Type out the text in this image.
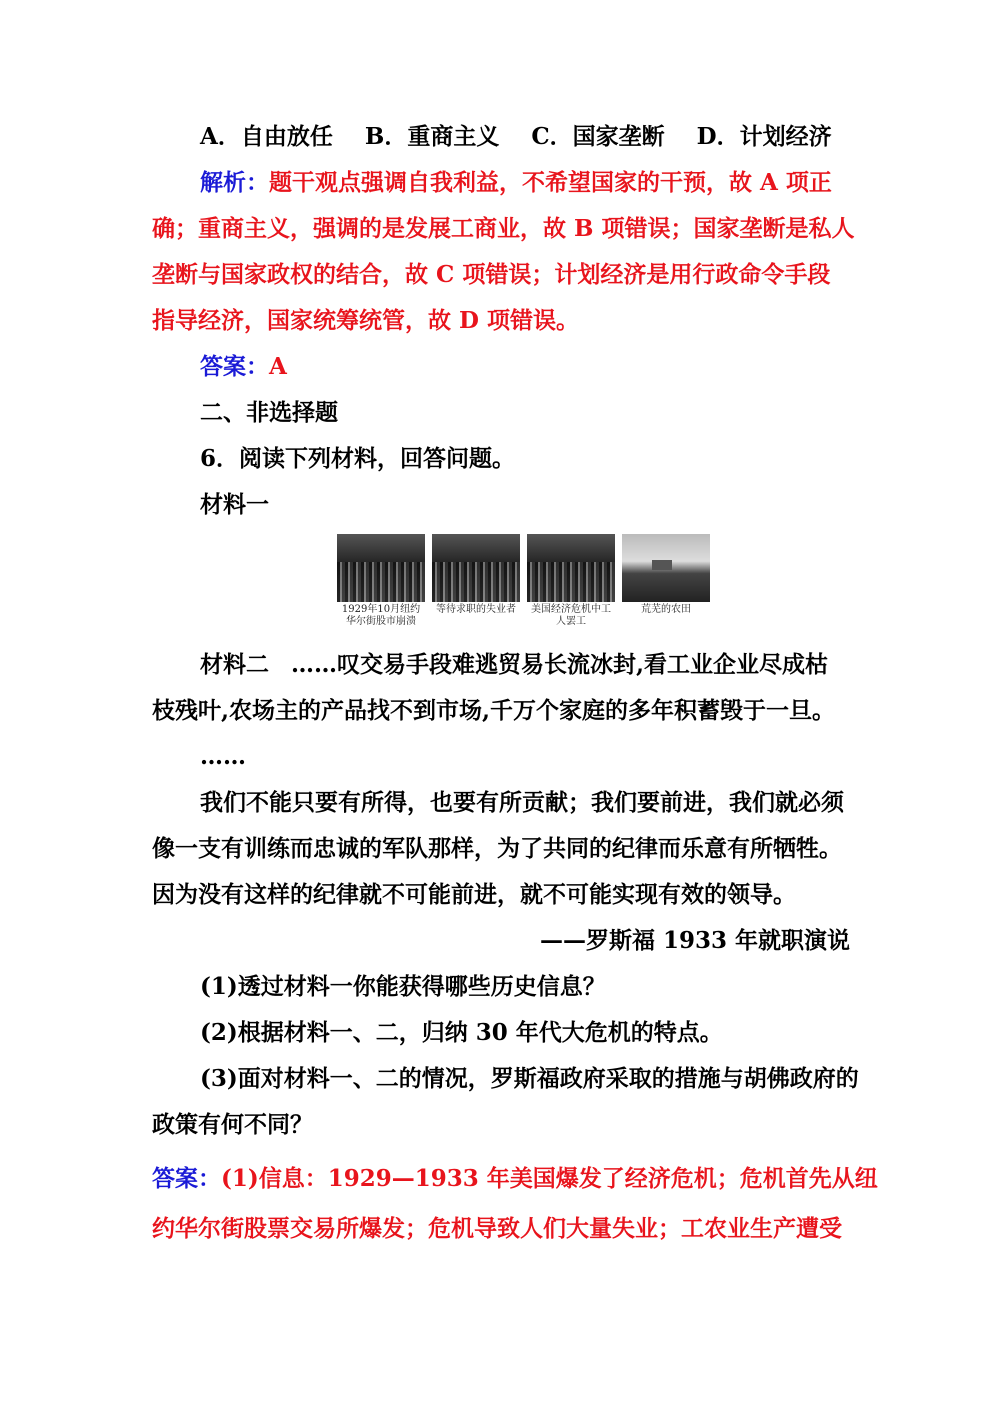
A．自由放任 B．重商主义 C．国家垄断 D．计划经济
解析：题干观点强调自我利益，不希望国家的干预，故 A 项正
确；重商主义，强调的是发展工商业，故 B 项错误；国家垄断是私人
垄断与国家政权的结合，故 C 项错误；计划经济是用行政命令手段
指导经济，国家统筹统管，故 D 项错误。
答案：A
二、非选择题
6．阅读下列材料，回答问题。
材料一
1929年10月纽约华尔街股市崩溃
等待求职的失业者	美国经济危机中工人罢工
荒芜的农田
材料二 ……叹交易手段难逃贸易长流冰封,看工业企业尽成枯
枝残叶,农场主的产品找不到市场,千万个家庭的多年积蓄毁于一旦。
……
我们不能只要有所得，也要有所贡献；我们要前进，我们就必须
像一支有训练而忠诚的军队那样，为了共同的纪律而乐意有所牺牲。
因为没有这样的纪律就不可能前进，就不可能实现有效的领导。
——罗斯福 1933 年就职演说
(1)透过材料一你能获得哪些历史信息？
(2)根据材料一、二，归纳 30 年代大危机的特点。
(3)面对材料一、二的情况，罗斯福政府采取的措施与胡佛政府的
政策有何不同？
答案：(1)信息：1929—1933 年美国爆发了经济危机；危机首先从纽
约华尔街股票交易所爆发；危机导致人们大量失业；工农业生产遭受
